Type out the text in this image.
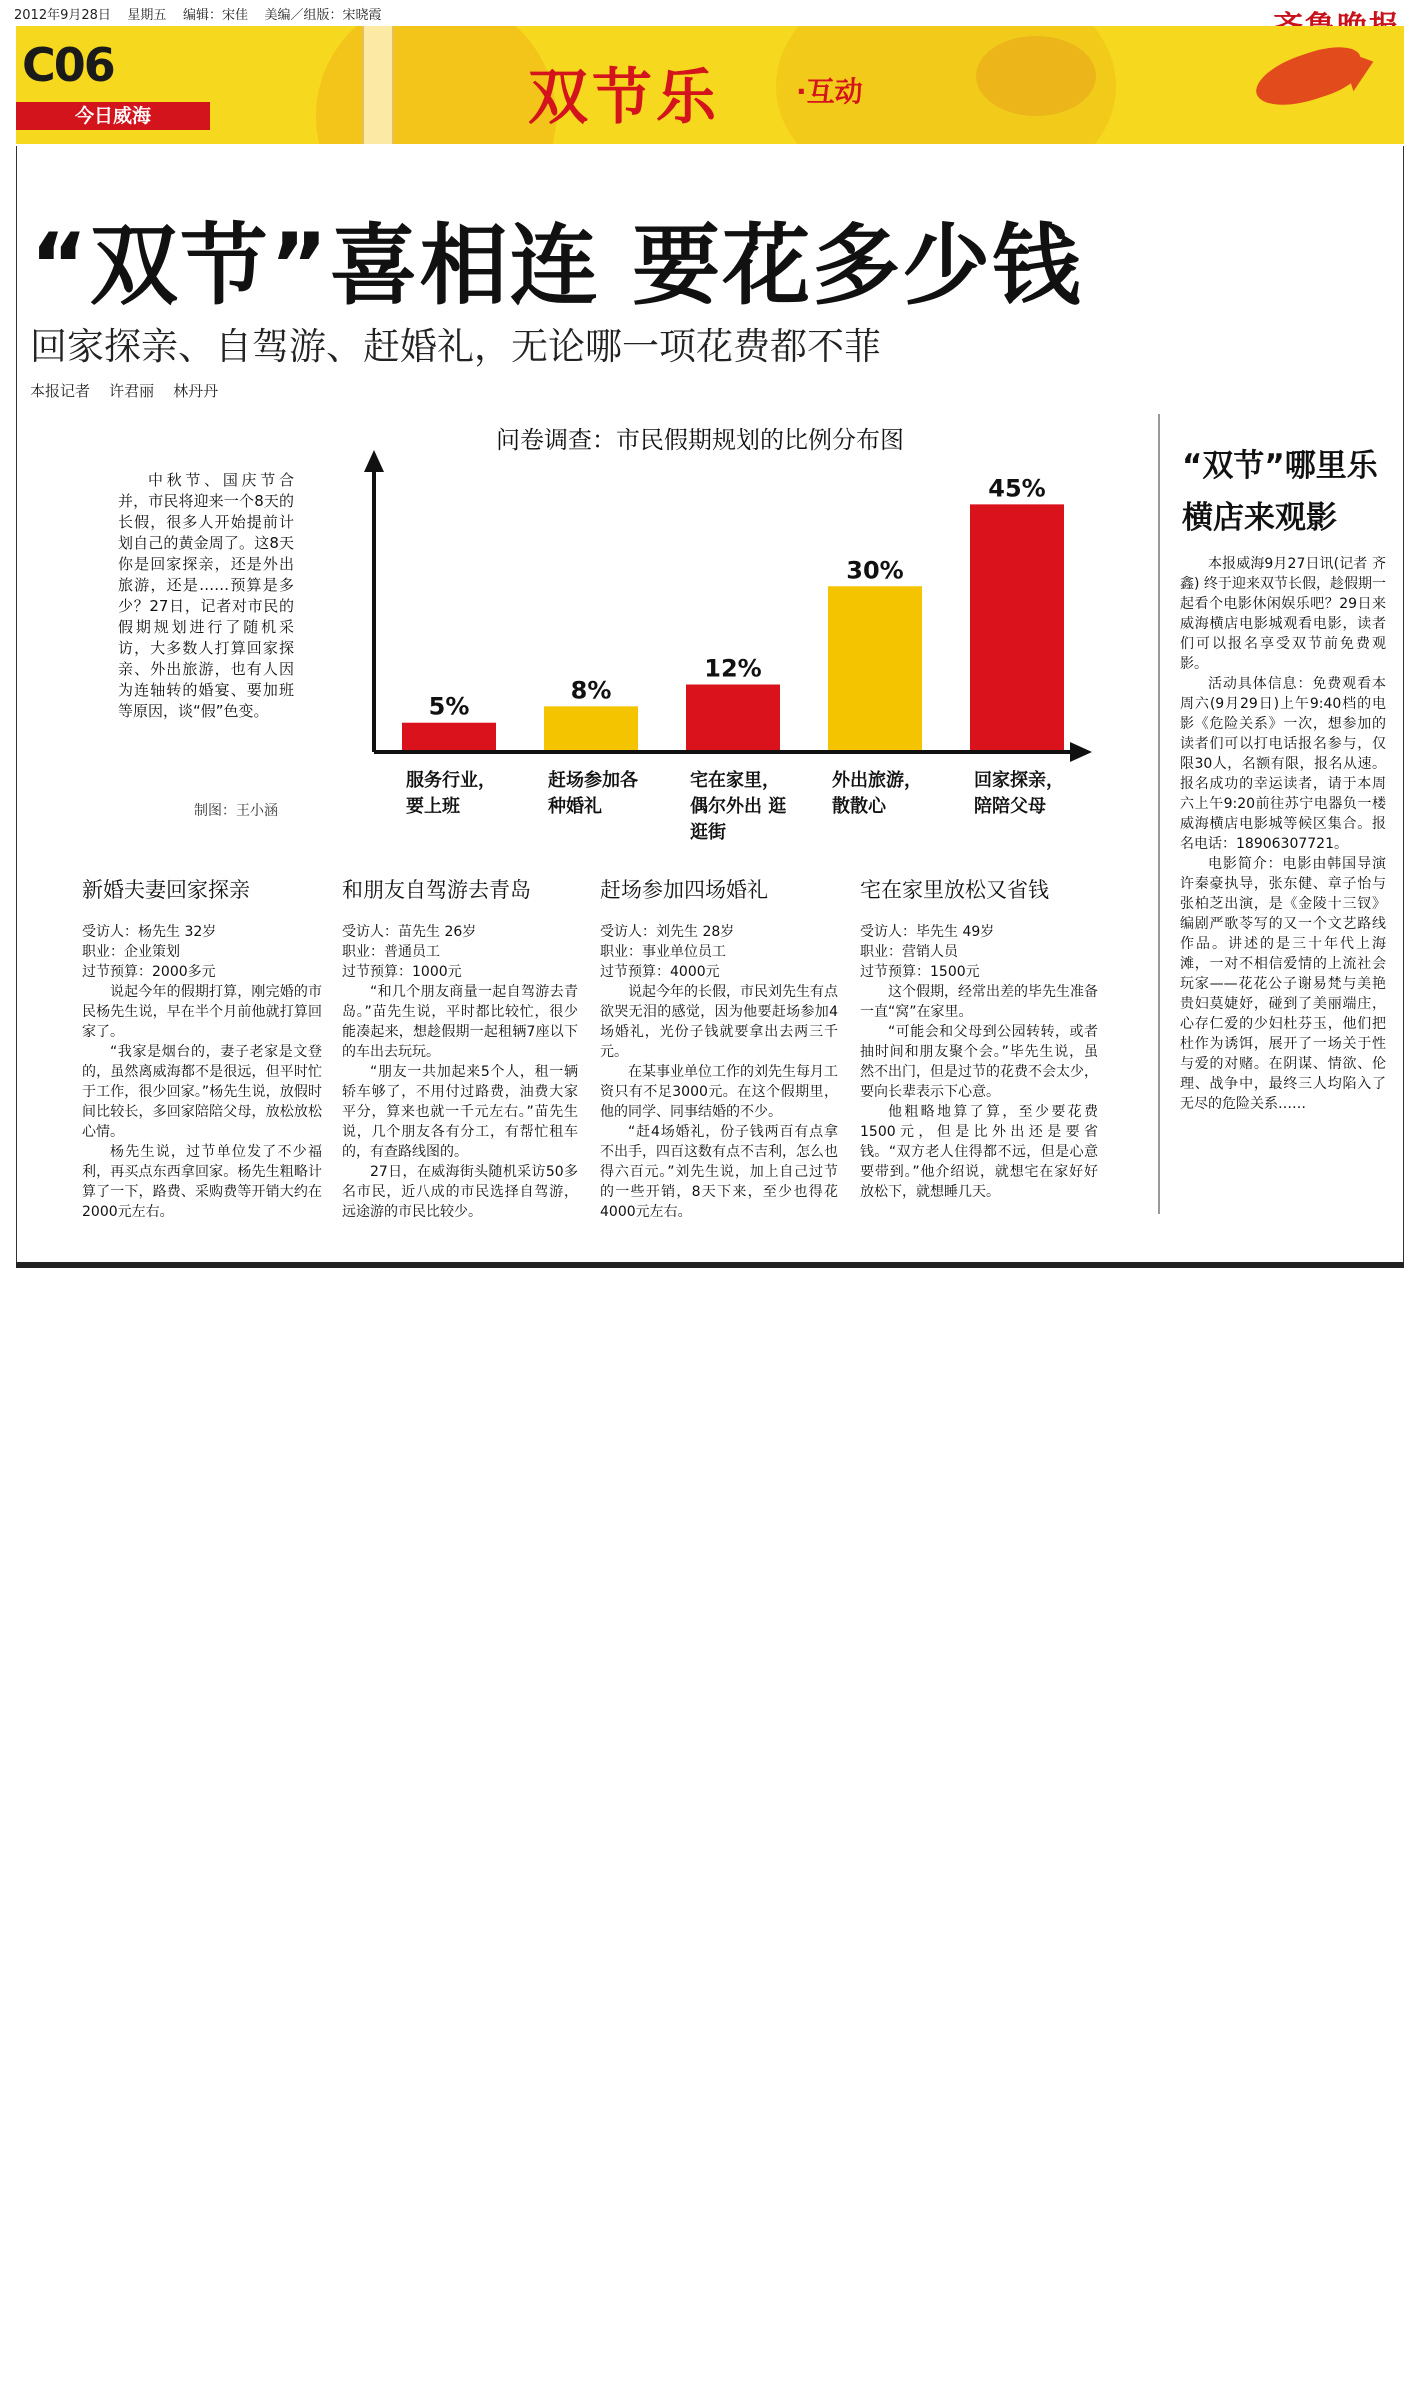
2012年9月28日    星期五    编辑：宋佳    美编／组版：宋晓霞
C06
今日威海	双节乐	·互动
“双节”喜相连 要花多少钱
回家探亲、自驾游、赶婚礼，无论哪一项花费都不菲
本报记者    许君丽    林丹丹
中秋节、国庆节合并，市民将迎来一个8天的长假，很多人开始提前计划自己的黄金周了。这8天你是回家探亲，还是外出旅游，还是……预算是多少？27日，记者对市民的假期规划进行了随机采访，大多数人打算回家探亲、外出旅游，也有人因为连轴转的婚宴、要加班等原因，谈“假”色变。
制图：王小涵
问卷调查：市民假期规划的比例分布图
5%
服务行业，
要上班
8%
赶场参加各
种婚礼
12%
宅在家里，
偶尔外出 逛
逛街
30%
外出旅游，
散散心
45%
回家探亲，
陪陪父母
新婚夫妻回家探亲
受访人：杨先生 32岁
职业：企业策划
过节预算：2000多元

说起今年的假期打算，刚完婚的市民杨先生说，早在半个月前他就打算回家了。

“我家是烟台的，妻子老家是文登的，虽然离威海都不是很远，但平时忙于工作，很少回家。”杨先生说，放假时间比较长，多回家陪陪父母，放松放松心情。

杨先生说，过节单位发了不少福利，再买点东西拿回家。杨先生粗略计算了一下，路费、采购费等开销大约在2000元左右。

和朋友自驾游去青岛
受访人：苗先生 26岁
职业：普通员工
过节预算：1000元

“和几个朋友商量一起自驾游去青岛。”苗先生说，平时都比较忙，很少能凑起来，想趁假期一起租辆7座以下的车出去玩玩。

“朋友一共加起来5个人，租一辆轿车够了，不用付过路费，油费大家平分，算来也就一千元左右。”苗先生说，几个朋友各有分工，有帮忙租车的，有查路线图的。

27日，在威海街头随机采访50多名市民，近八成的市民选择自驾游，远途游的市民比较少。

赶场参加四场婚礼
受访人：刘先生 28岁
职业：事业单位员工
过节预算：4000元

说起今年的长假，市民刘先生有点欲哭无泪的感觉，因为他要赶场参加4场婚礼，光份子钱就要拿出去两三千元。

在某事业单位工作的刘先生每月工资只有不足3000元。在这个假期里，他的同学、同事结婚的不少。

“赶4场婚礼，份子钱两百有点拿不出手，四百这数有点不吉利，怎么也得六百元。”刘先生说，加上自己过节的一些开销，8天下来，至少也得花4000元左右。

宅在家里放松又省钱
受访人：毕先生 49岁
职业：营销人员
过节预算：1500元

这个假期，经常出差的毕先生准备一直“窝”在家里。

“可能会和父母到公园转转，或者抽时间和朋友聚个会。”毕先生说，虽然不出门，但是过节的花费不会太少，要向长辈表示下心意。

他粗略地算了算，至少要花费1500元，但是比外出还是要省钱。“双方老人住得都不远，但是心意要带到。”他介绍说，就想宅在家好好放松下，就想睡几天。

“双节”哪里乐
横店来观影

本报威海9月27日讯(记者 齐鑫) 终于迎来双节长假，趁假期一起看个电影休闲娱乐吧？29日来威海横店电影城观看电影，读者们可以报名享受双节前免费观影。

活动具体信息：免费观看本周六(9月29日)上午9:40档的电影《危险关系》一次，想参加的读者们可以打电话报名参与，仅限30人，名额有限，报名从速。报名成功的幸运读者，请于本周六上午9:20前往苏宁电器负一楼威海横店电影城等候区集合。报名电话：18906307721。

电影简介：电影由韩国导演许秦豪执导，张东健、章子怡与张柏芝出演，是《金陵十三钗》编剧严歌苓写的又一个文艺路线作品。讲述的是三十年代上海滩，一对不相信爱情的上流社会玩家——花花公子谢易梵与美艳贵妇莫婕妤，碰到了美丽端庄，心存仁爱的少妇杜芬玉，他们把杜作为诱饵，展开了一场关于性与爱的对赌。在阴谋、情欲、伦理、战争中，最终三人均陷入了无尽的危险关系……
